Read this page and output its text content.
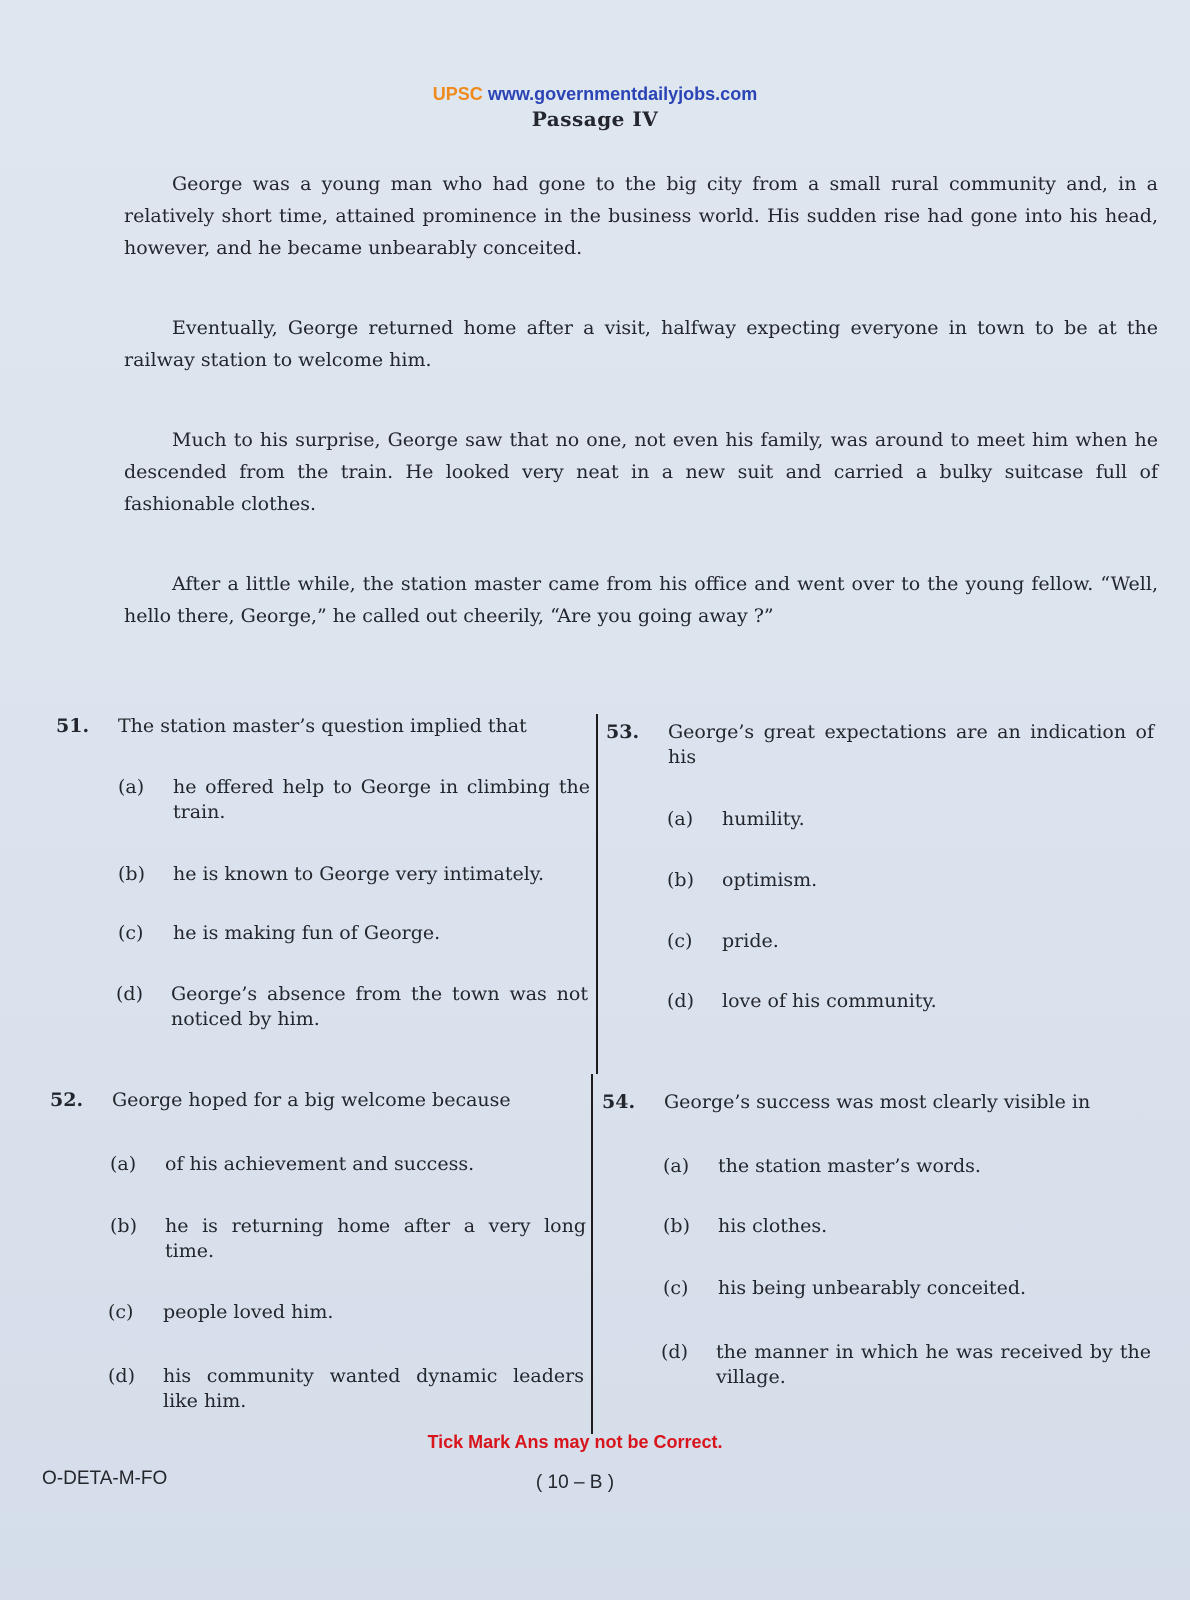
UPSC www.governmentdailyjobs.com
Passage IV

George was a young man who had gone to the big city from a small rural community and, in a relatively short time, attained prominence in the business world. His sudden rise had gone into his head, however, and he became unbearably conceited.

Eventually, George returned home after a visit, halfway expecting everyone in town to be at the railway station to welcome him.

Much to his surprise, George saw that no one, not even his family, was around to meet him when he descended from the train. He looked very neat in a new suit and carried a bulky suitcase full of fashionable clothes.

After a little while, the station master came from his office and went over to the young fellow. “Well, hello there, George,” he called out cheerily, “Are you going away ?”

51. The station master’s question implied that
(a) he offered help to George in climbing the train.
(b) he is known to George very intimately.
(c) he is making fun of George.
(d) George’s absence from the town was not noticed by him.
52. George hoped for a big welcome because
(a) of his achievement and success.
(b) he is returning home after a very long time.
(c) people loved him.
(d) his community wanted dynamic leaders like him.
53. George’s great expectations are an indication of his
(a) humility.
(b) optimism.
(c) pride.
(d) love of his community.
54. George’s success was most clearly visible in
(a) the station master’s words.
(b) his clothes.
(c) his being unbearably conceited.
(d) the manner in which he was received by the village.
Tick Mark Ans may not be Correct.
O-DETA-M-FO	( 10 – B )
